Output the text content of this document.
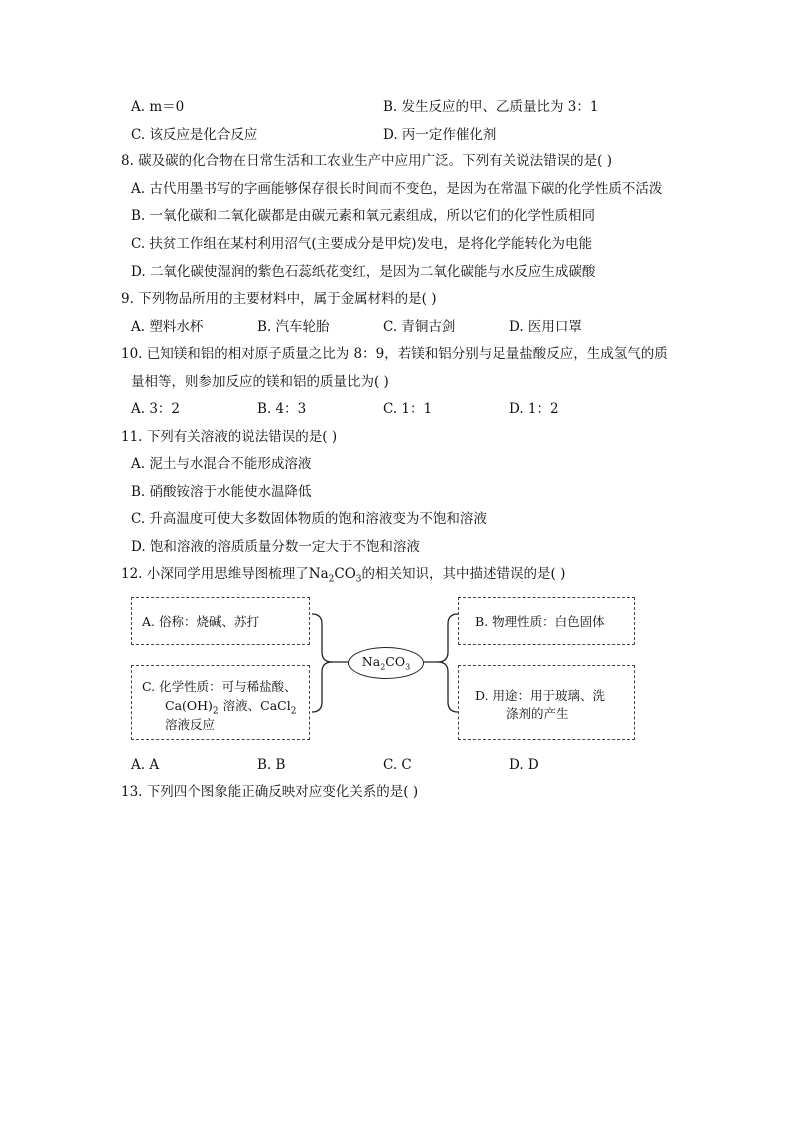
A. m＝0	B. 发生反应的甲、乙质量比为 3：1
C. 该反应是化合反应	D. 丙一定作催化剂
8. 碳及碳的化合物在日常生活和工农业生产中应用广泛。下列有关说法错误的是( )
A. 古代用墨书写的字画能够保存很长时间而不变色，是因为在常温下碳的化学性质不活泼
B. 一氧化碳和二氧化碳都是由碳元素和氧元素组成，所以它们的化学性质相同
C. 扶贫工作组在某村利用沼气(主要成分是甲烷)发电，是将化学能转化为电能
D. 二氧化碳使湿润的紫色石蕊纸花变红，是因为二氧化碳能与水反应生成碳酸
9. 下列物品所用的主要材料中，属于金属材料的是( )
A. 塑料水杯	B. 汽车轮胎	C. 青铜古剑	D. 医用口罩
10. 已知镁和铝的相对原子质量之比为 8：9，若镁和铝分别与足量盐酸反应，生成氢气的质
量相等，则参加反应的镁和铝的质量比为( )
A. 3：2	B. 4：3	C. 1：1	D. 1：2
11. 下列有关溶液的说法错误的是( )
A. 泥土与水混合不能形成溶液
B. 硝酸铵溶于水能使水温降低
C. 升高温度可使大多数固体物质的饱和溶液变为不饱和溶液
D. 饱和溶液的溶质质量分数一定大于不饱和溶液
12. 小深同学用思维导图梳理了$Na_2CO_3$的相关知识，其中描述错误的是( )
A. 俗称：烧碱、苏打
C. 化学性质：可与稀盐酸、
$Ca(OH)_2$ 溶液、CaCl$_2$
溶液反应
$Na_2CO_3$
B. 物理性质：白色固体
D. 用途：用于玻璃、洗
涤剂的产生
A. A	B. B	C. C	D. D
13. 下列四个图象能正确反映对应变化关系的是( )
